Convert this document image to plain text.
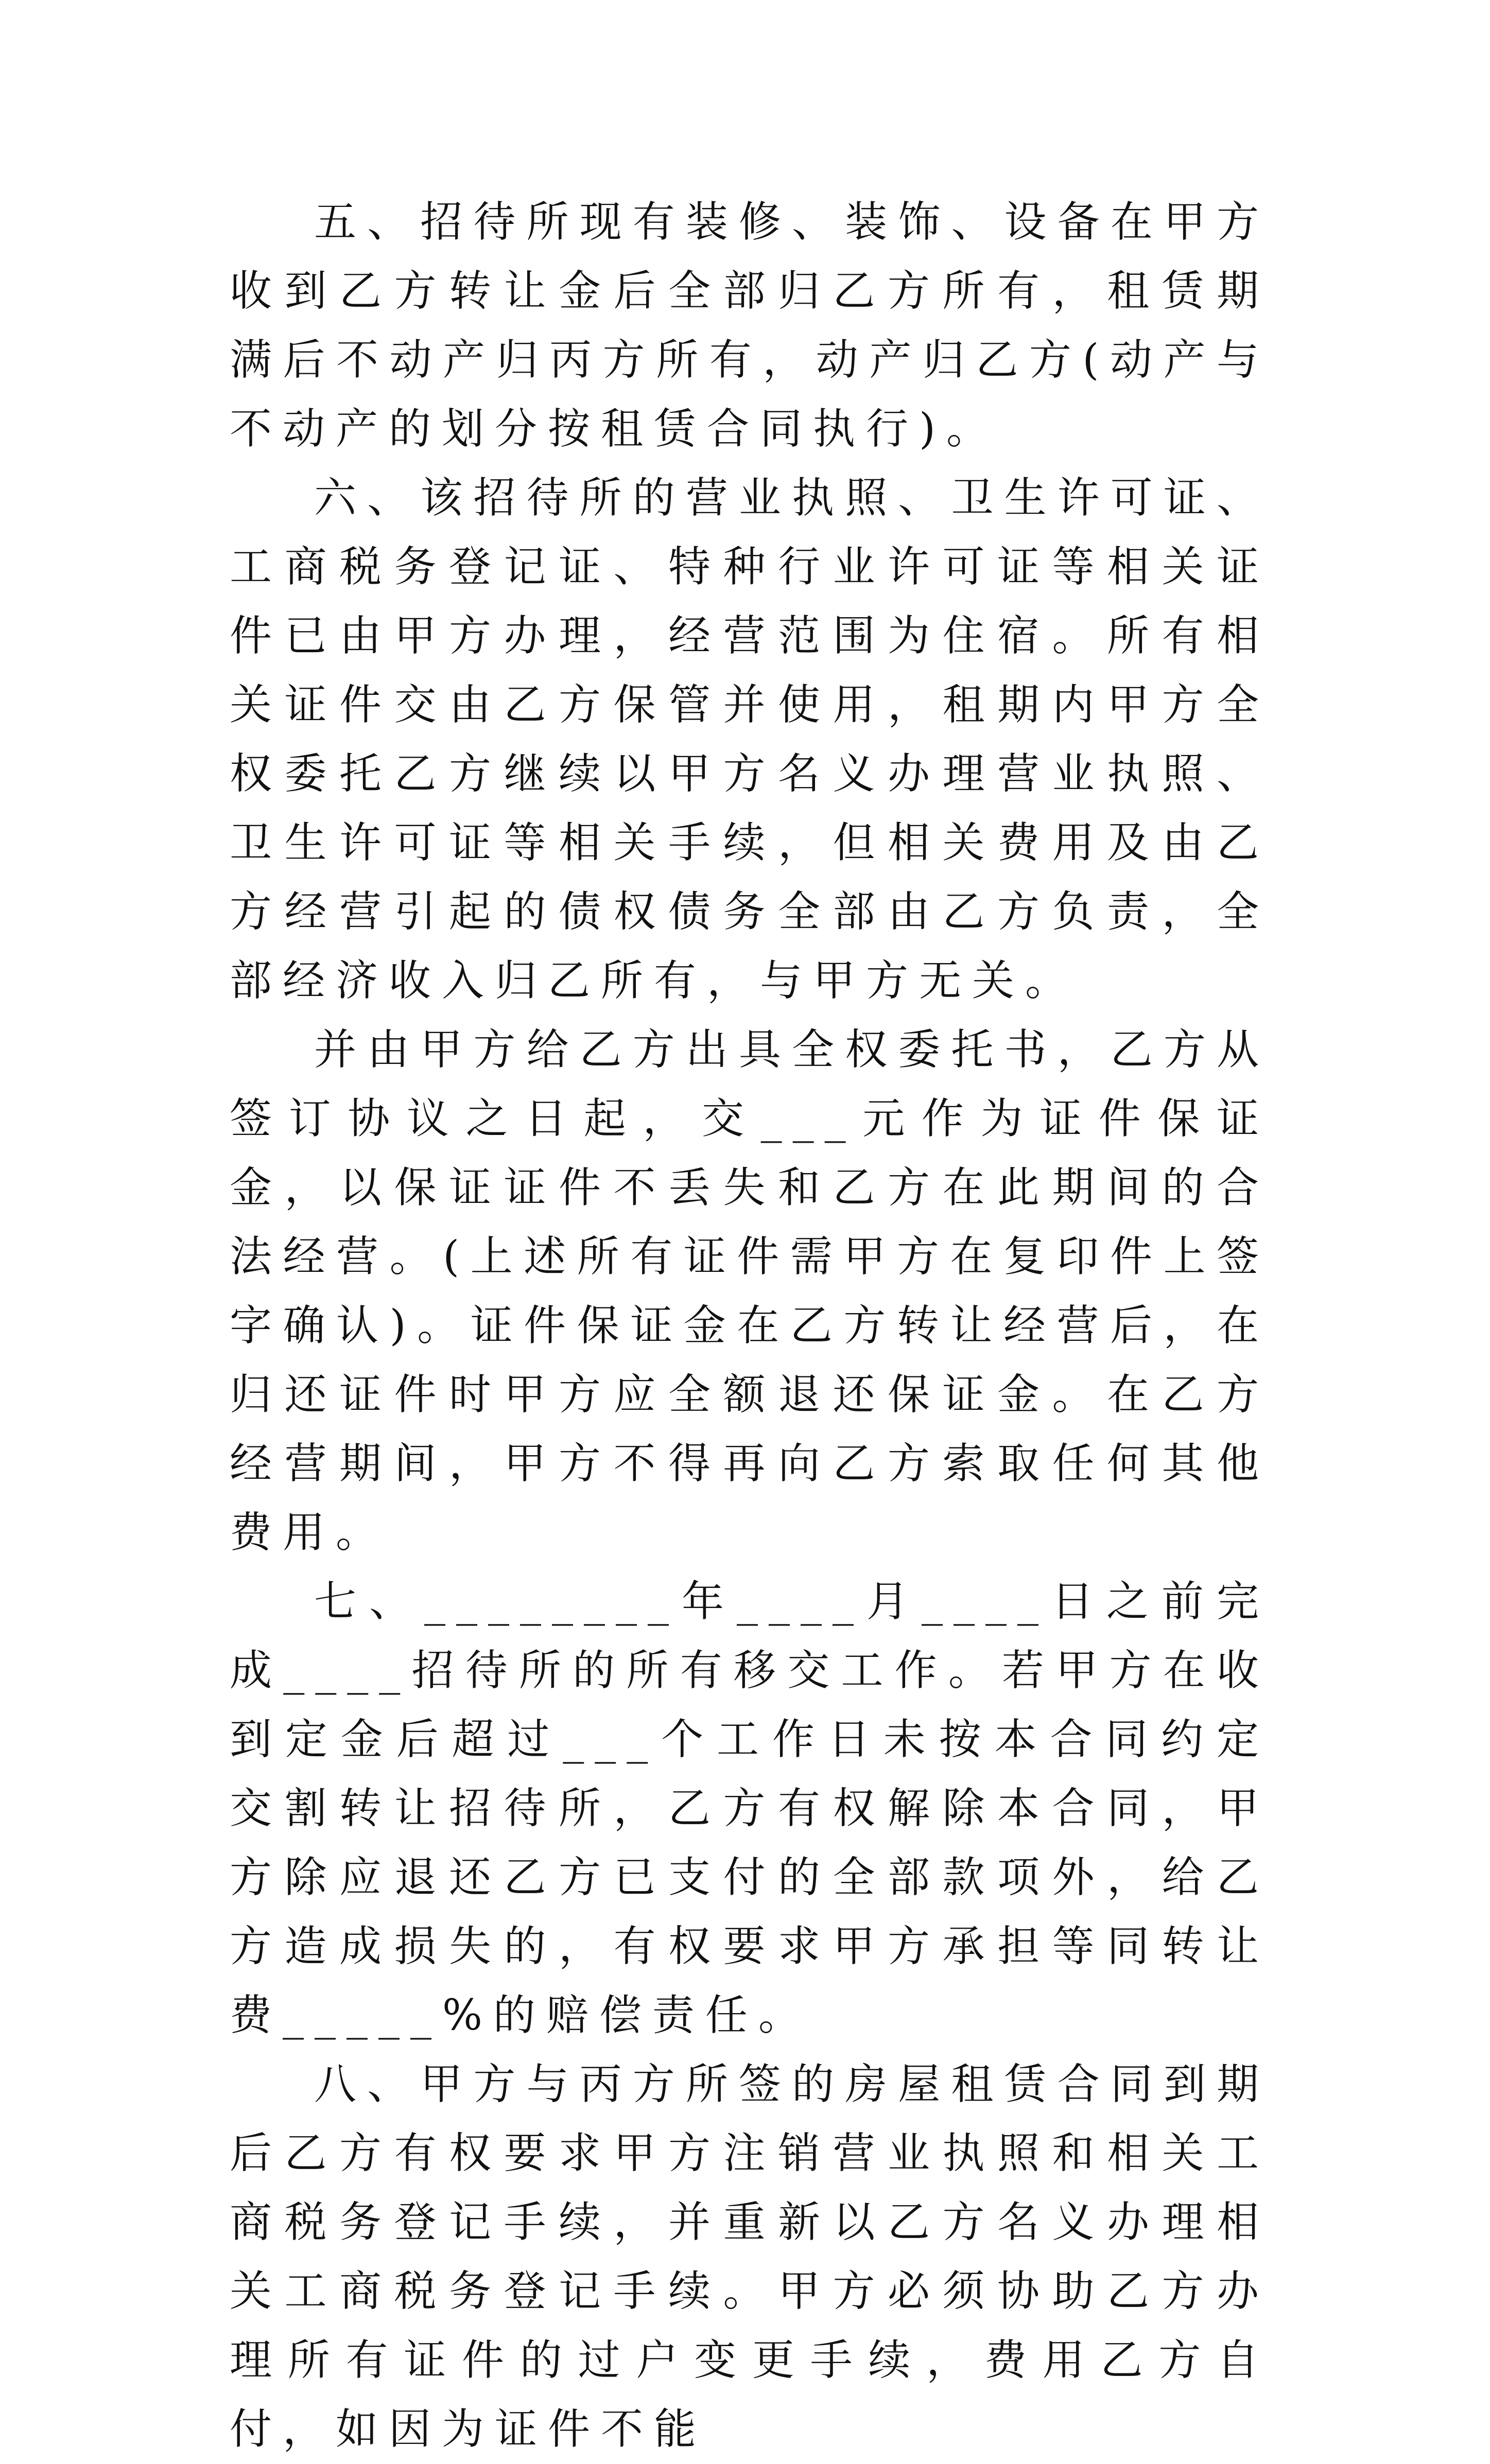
五、招待所现有装修、装饰、设备在甲方收到乙方转让金后全部归乙方所有，租赁期满后不动产归丙方所有，动产归乙方(动产与不动产的划分按租赁合同执行)。

六、该招待所的营业执照、卫生许可证、工商税务登记证、特种行业许可证等相关证件已由甲方办理，经营范围为住宿。所有相关证件交由乙方保管并使用，租期内甲方全权委托乙方继续以甲方名义办理营业执照、卫生许可证等相关手续，但相关费用及由乙方经营引起的债权债务全部由乙方负责，全部经济收入归乙所有，与甲方无关。

并由甲方给乙方出具全权委托书，乙方从签订协议之日起，交___元作为证件保证金，以保证证件不丢失和乙方在此期间的合法经营。(上述所有证件需甲方在复印件上签字确认)。证件保证金在乙方转让经营后，在归还证件时甲方应全额退还保证金。在乙方经营期间，甲方不得再向乙方索取任何其他费用。

七、________年____月____日之前完成____招待所的所有移交工作。若甲方在收到定金后超过___个工作日未按本合同约定交割转让招待所，乙方有权解除本合同，甲方除应退还乙方已支付的全部款项外，给乙方造成损失的，有权要求甲方承担等同转让费_____%的赔偿责任。

八、甲方与丙方所签的房屋租赁合同到期后乙方有权要求甲方注销营业执照和相关工商税务登记手续，并重新以乙方名义办理相关工商税务登记手续。甲方必须协助乙方办理所有证件的过户变更手续，费用乙方自付，如因为证件不能
